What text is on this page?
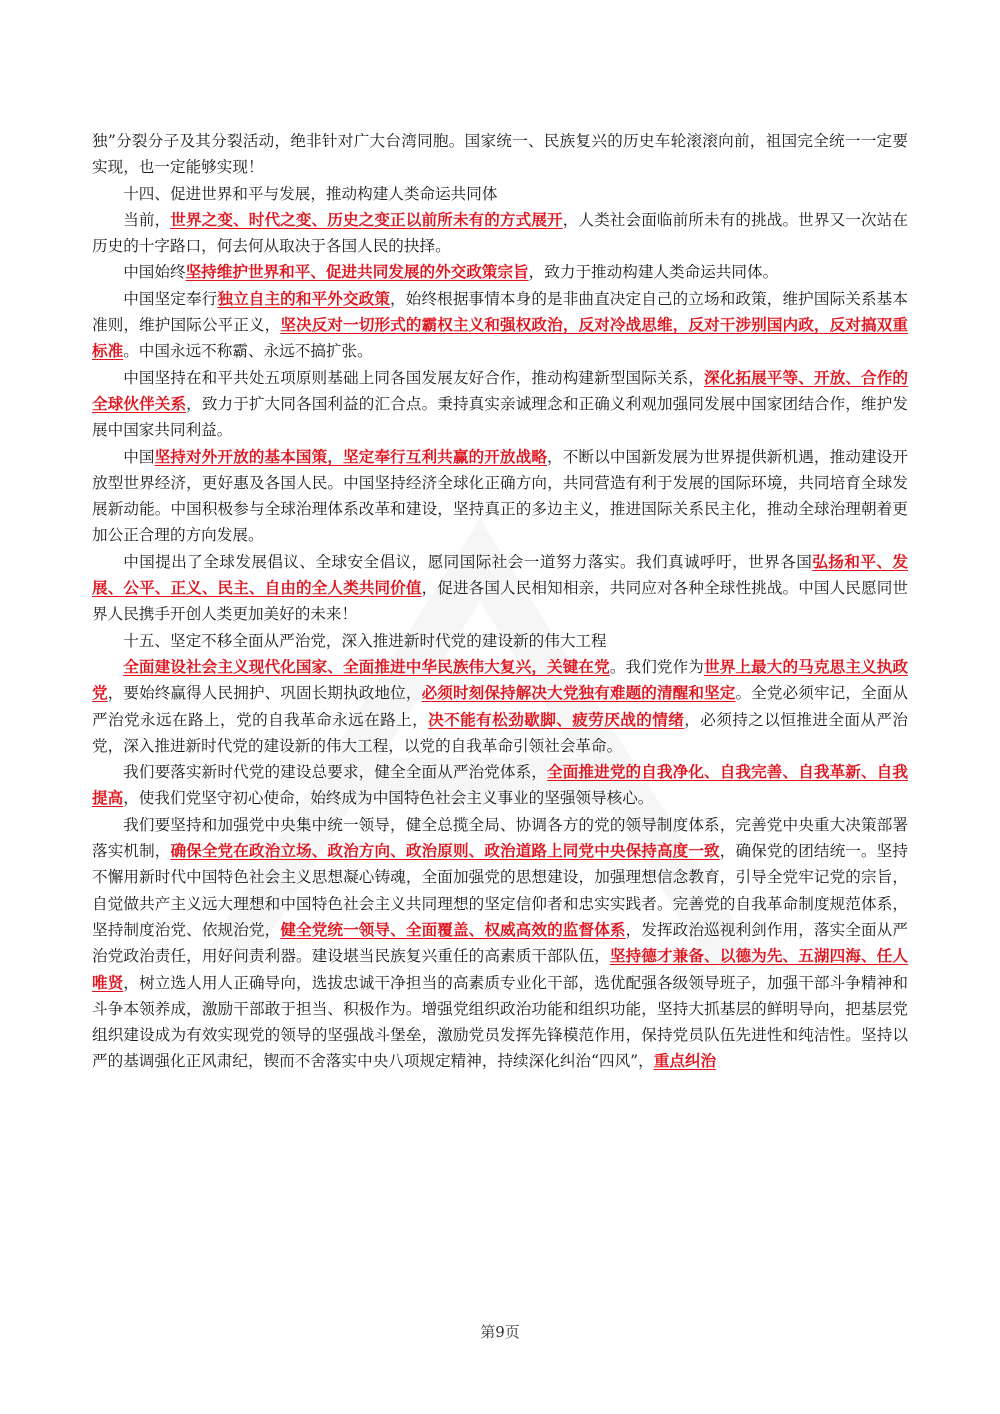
独”分裂分子及其分裂活动，绝非针对广大台湾同胞。国家统一、民族复兴的历史车轮滚滚向前，祖国完全统一一定要实现，也一定能够实现！

十四、促进世界和平与发展，推动构建人类命运共同体

当前，世界之变、时代之变、历史之变正以前所未有的方式展开，人类社会面临前所未有的挑战。世界又一次站在历史的十字路口，何去何从取决于各国人民的抉择。

中国始终坚持维护世界和平、促进共同发展的外交政策宗旨，致力于推动构建人类命运共同体。

中国坚定奉行独立自主的和平外交政策，始终根据事情本身的是非曲直决定自己的立场和政策，维护国际关系基本准则，维护国际公平正义，坚决反对一切形式的霸权主义和强权政治，反对冷战思维，反对干涉别国内政，反对搞双重标准。中国永远不称霸、永远不搞扩张。

中国坚持在和平共处五项原则基础上同各国发展友好合作，推动构建新型国际关系，深化拓展平等、开放、合作的全球伙伴关系，致力于扩大同各国利益的汇合点。秉持真实亲诚理念和正确义利观加强同发展中国家团结合作，维护发展中国家共同利益。

中国坚持对外开放的基本国策，坚定奉行互利共赢的开放战略，不断以中国新发展为世界提供新机遇，推动建设开放型世界经济，更好惠及各国人民。中国坚持经济全球化正确方向，共同营造有利于发展的国际环境，共同培育全球发展新动能。中国积极参与全球治理体系改革和建设，坚持真正的多边主义，推进国际关系民主化，推动全球治理朝着更加公正合理的方向发展。

中国提出了全球发展倡议、全球安全倡议，愿同国际社会一道努力落实。我们真诚呼吁，世界各国弘扬和平、发展、公平、正义、民主、自由的全人类共同价值，促进各国人民相知相亲，共同应对各种全球性挑战。中国人民愿同世界人民携手开创人类更加美好的未来！

十五、坚定不移全面从严治党，深入推进新时代党的建设新的伟大工程

全面建设社会主义现代化国家、全面推进中华民族伟大复兴，关键在党。我们党作为世界上最大的马克思主义执政党，要始终赢得人民拥护、巩固长期执政地位，必须时刻保持解决大党独有难题的清醒和坚定。全党必须牢记，全面从严治党永远在路上，党的自我革命永远在路上，决不能有松劲歇脚、疲劳厌战的情绪，必须持之以恒推进全面从严治党，深入推进新时代党的建设新的伟大工程，以党的自我革命引领社会革命。

我们要落实新时代党的建设总要求，健全全面从严治党体系，全面推进党的自我净化、自我完善、自我革新、自我提高，使我们党坚守初心使命，始终成为中国特色社会主义事业的坚强领导核心。

我们要坚持和加强党中央集中统一领导，健全总揽全局、协调各方的党的领导制度体系，完善党中央重大决策部署落实机制，确保全党在政治立场、政治方向、政治原则、政治道路上同党中央保持高度一致，确保党的团结统一。坚持不懈用新时代中国特色社会主义思想凝心铸魂，全面加强党的思想建设，加强理想信念教育，引导全党牢记党的宗旨，自觉做共产主义远大理想和中国特色社会主义共同理想的坚定信仰者和忠实实践者。完善党的自我革命制度规范体系，坚持制度治党、依规治党，健全党统一领导、全面覆盖、权威高效的监督体系，发挥政治巡视利剑作用，落实全面从严治党政治责任，用好问责利器。建设堪当民族复兴重任的高素质干部队伍，坚持德才兼备、以德为先、五湖四海、任人唯贤，树立选人用人正确导向，选拔忠诚干净担当的高素质专业化干部，选优配强各级领导班子，加强干部斗争精神和斗争本领养成，激励干部敢于担当、积极作为。增强党组织政治功能和组织功能，坚持大抓基层的鲜明导向，把基层党组织建设成为有效实现党的领导的坚强战斗堡垒，激励党员发挥先锋模范作用，保持党员队伍先进性和纯洁性。坚持以严的基调强化正风肃纪，锲而不舍落实中央八项规定精神，持续深化纠治“四风”，重点纠治

第9页
